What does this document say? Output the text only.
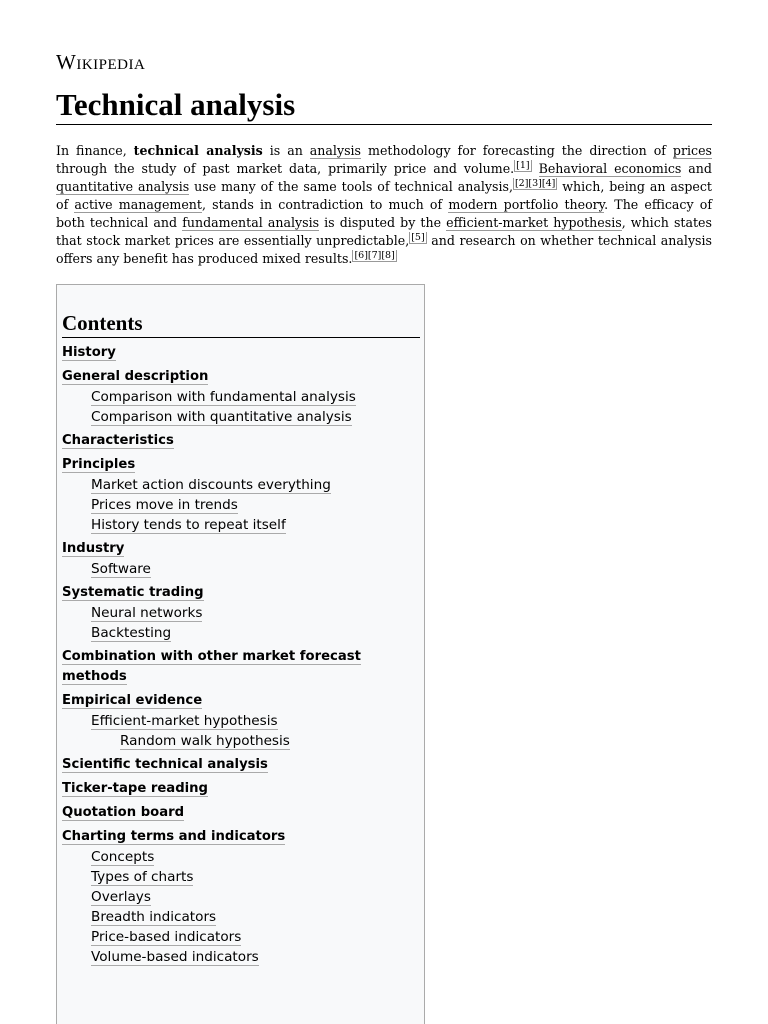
Wikipedia
Technical analysis

In finance, technical analysis is an analysis methodology for forecasting the direction of prices through the study of past market data, primarily price and volume. [1] Behavioral economics and quantitative analysis use many of the same tools of technical analysis, [2][3][4] which, being an aspect of active management, stands in contradiction to much of modern portfolio theory. The efficacy of both technical and fundamental analysis is disputed by the efficient-market hypothesis, which states that stock market prices are essentially unpredictable, [5] and research on whether technical analysis offers any benefit has produced mixed results. [6][7][8]

Contents
History
General description
Comparison with fundamental analysis
Comparison with quantitative analysis
Characteristics
Principles
Market action discounts everything
Prices move in trends
History tends to repeat itself
Industry
Software
Systematic trading
Neural networks
Backtesting
Combination with other market forecast methods
Empirical evidence
Efficient-market hypothesis
Random walk hypothesis
Scientific technical analysis
Ticker-tape reading
Quotation board
Charting terms and indicators
Concepts
Types of charts
Overlays
Breadth indicators
Price-based indicators
Volume-based indicators
